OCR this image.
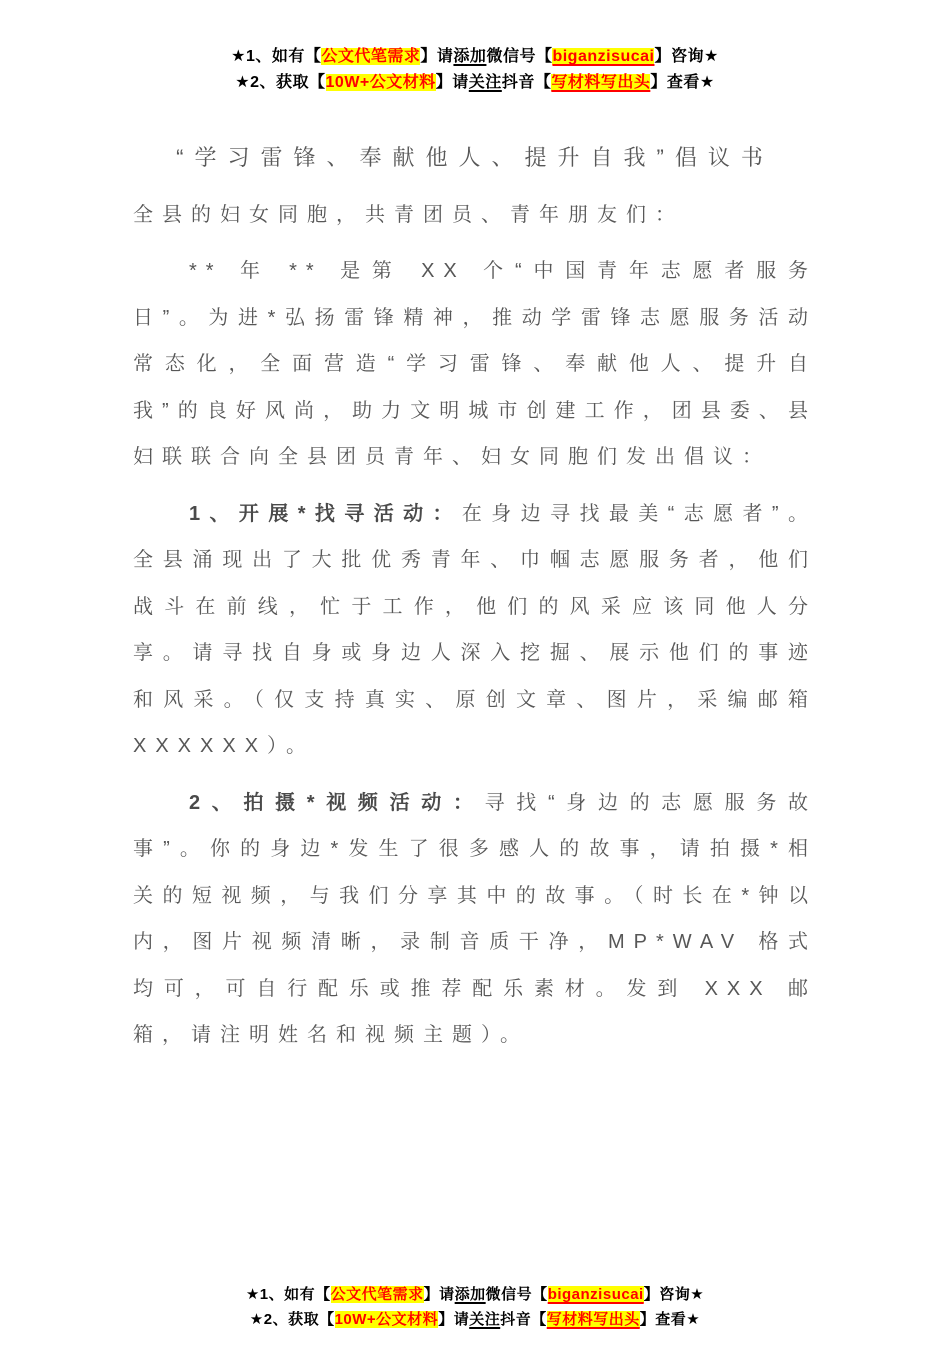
★1、如有【公文代笔需求】请添加微信号【biganzisucai】咨询★
★2、获取【10W+公文材料】请关注抖音【写材料写出头】查看★
“学习雷锋、奉献他人、提升自我”倡议书

全县的妇女同胞，共青团员、青年朋友们：

** 年 ** 是第 XX 个“中国青年志愿者服务日”。为进*弘扬雷锋精神，推动学雷锋志愿服务活动常态化，全面营造“学习雷锋、奉献他人、提升自我”的良好风尚，助力文明城市创建工作，团县委、县妇联联合向全县团员青年、妇女同胞们发出倡议：

1、开展*找寻活动：在身边寻找最美“志愿者”。全县涌现出了大批优秀青年、巾帼志愿服务者，他们战斗在前线，忙于工作，他们的风采应该同他人分享。请寻找自身或身边人深入挖掘、展示他们的事迹和风采。（仅支持真实、原创文章、图片，采编邮箱 XXXXXX）。

2、拍摄*视频活动：寻找“身边的志愿服务故事”。你的身边*发生了很多感人的故事，请拍摄*相关的短视频，与我们分享其中的故事。（时长在*钟以内，图片视频清晰，录制音质干净，MP*WAV 格式均可，可自行配乐或推荐配乐素材。发到 XXX 邮箱，请注明姓名和视频主题）。

★1、如有【公文代笔需求】请添加微信号【biganzisucai】咨询★
★2、获取【10W+公文材料】请关注抖音【写材料写出头】查看★
